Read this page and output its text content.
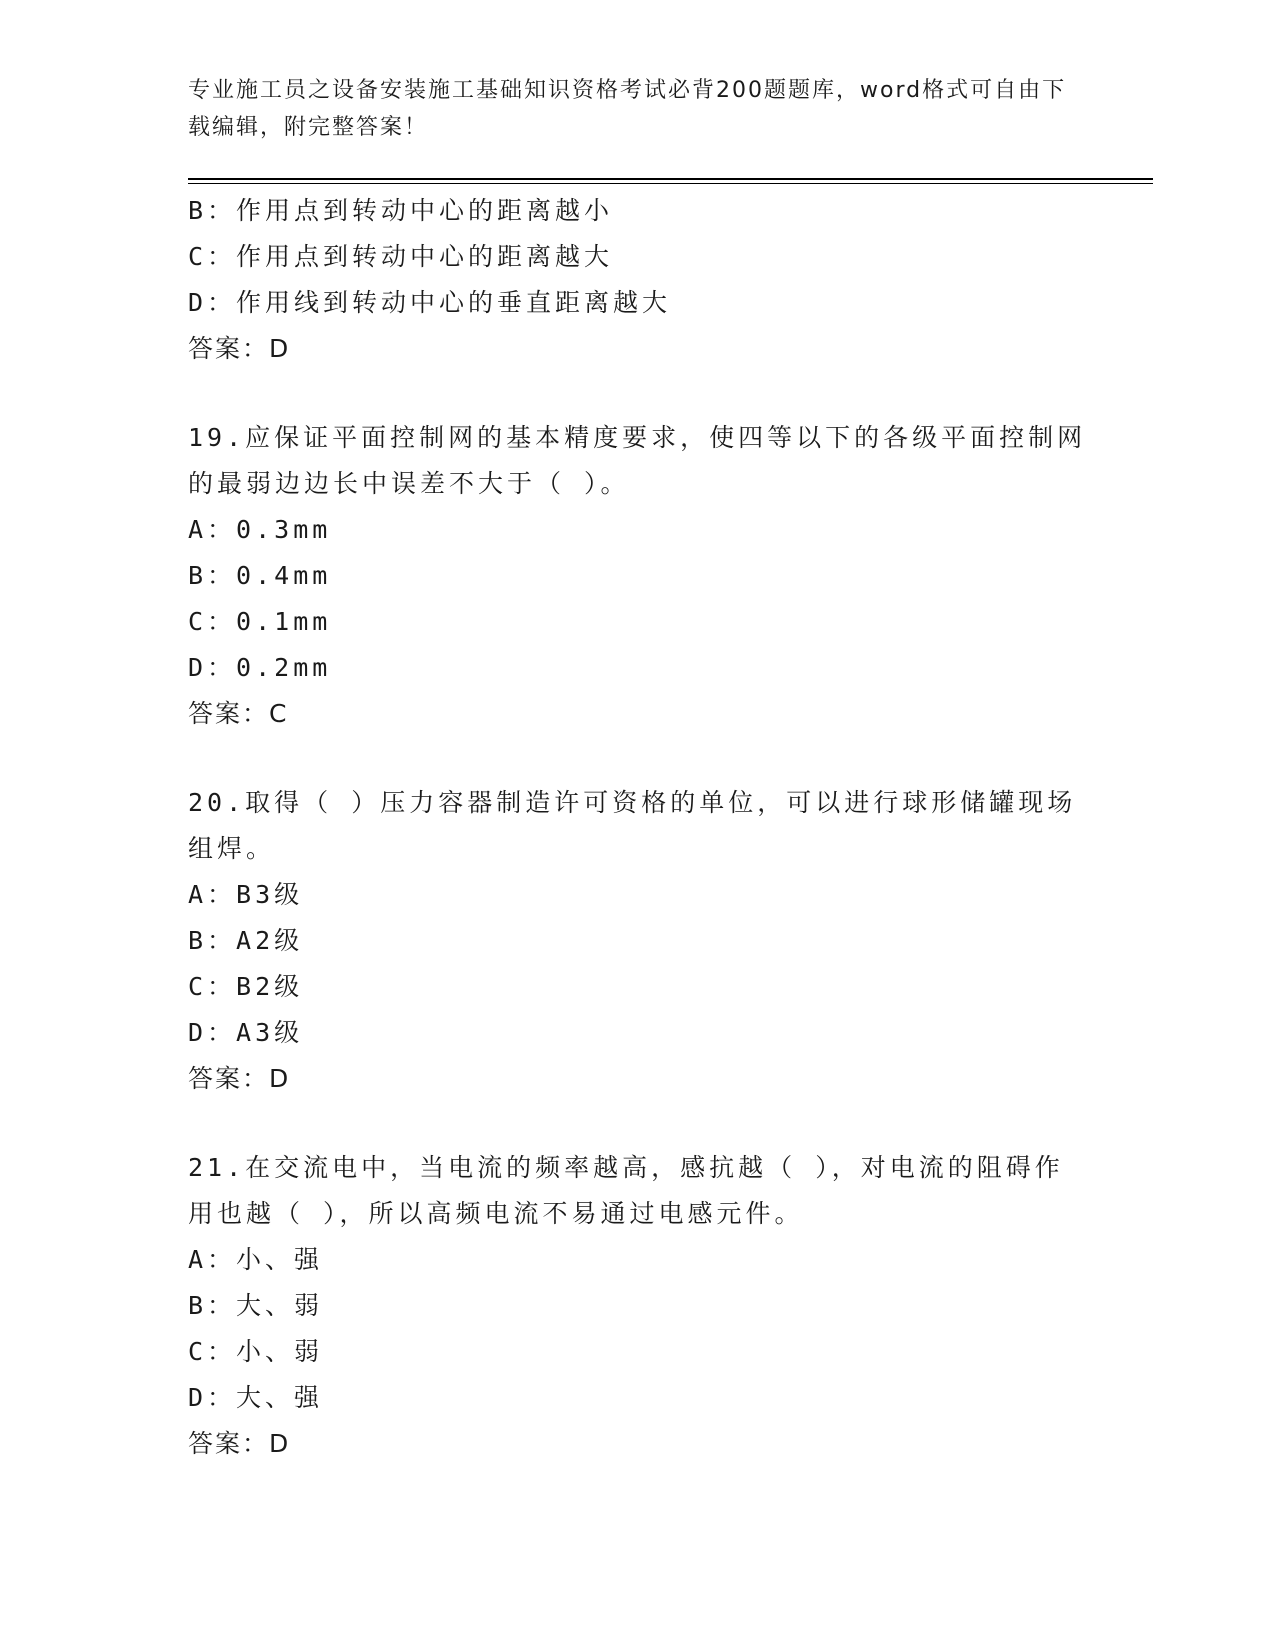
专业施工员之设备安装施工基础知识资格考试必背200题题库，word格式可自由下载编辑，附完整答案！
B：作用点到转动中心的距离越小
C：作用点到转动中心的距离越大
D：作用线到转动中心的垂直距离越大
答案：D
19.应保证平面控制网的基本精度要求，使四等以下的各级平面控制网
的最弱边边长中误差不大于（ ）。
A：0.3mm
B：0.4mm
C：0.1mm
D：0.2mm
答案：C
20.取得（ ）压力容器制造许可资格的单位，可以进行球形储罐现场
组焊。
A：B3级
B：A2级
C：B2级
D：A3级
答案：D
21.在交流电中，当电流的频率越高，感抗越（ ），对电流的阻碍作
用也越（ ），所以高频电流不易通过电感元件。
A：小、强
B：大、弱
C：小、弱
D：大、强
答案：D
